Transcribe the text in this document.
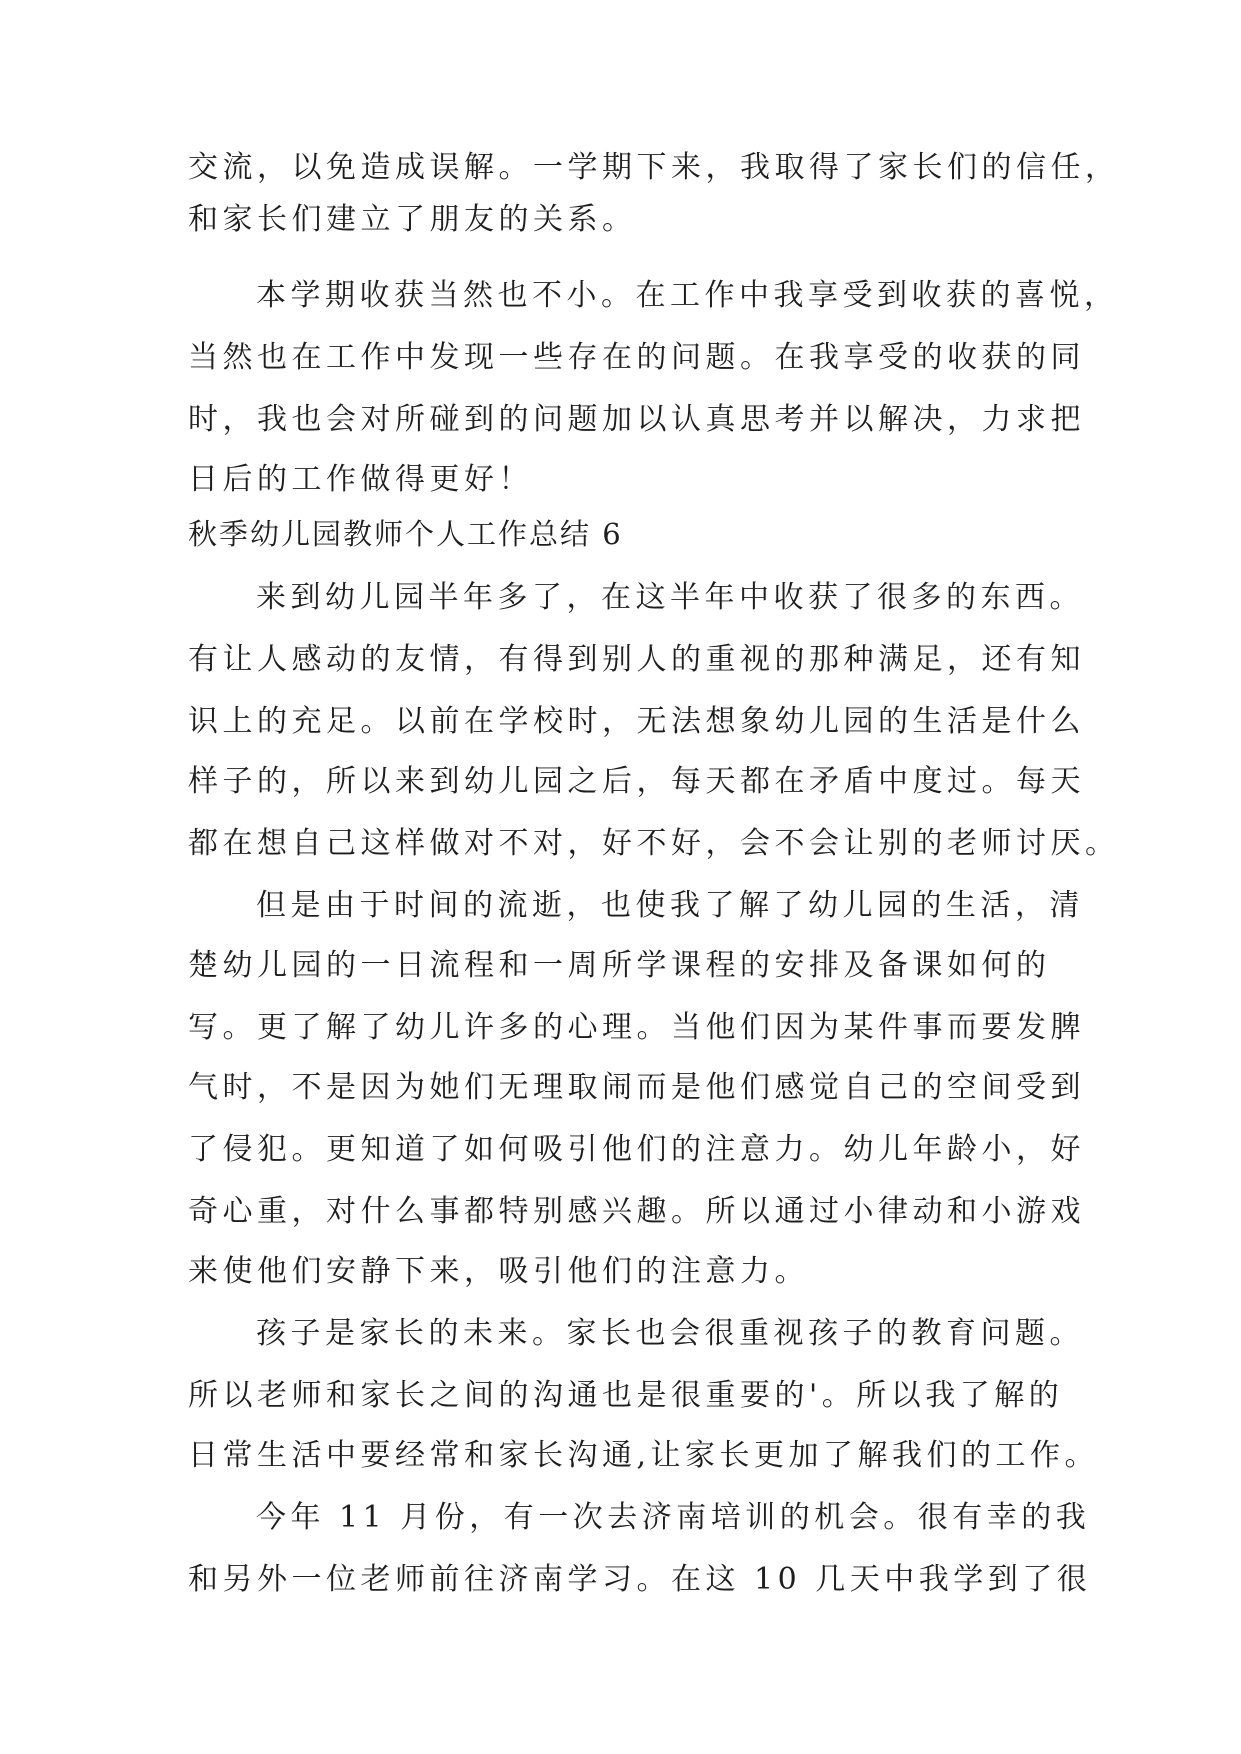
交流，以免造成误解。一学期下来，我取得了家长们的信任，
和家长们建立了朋友的关系。
本学期收获当然也不小。在工作中我享受到收获的喜悦，
当然也在工作中发现一些存在的问题。在我享受的收获的同
时，我也会对所碰到的问题加以认真思考并以解决，力求把
日后的工作做得更好！
秋季幼儿园教师个人工作总结 6
来到幼儿园半年多了，在这半年中收获了很多的东西。
有让人感动的友情，有得到别人的重视的那种满足，还有知
识上的充足。以前在学校时，无法想象幼儿园的生活是什么
样子的，所以来到幼儿园之后，每天都在矛盾中度过。每天
都在想自己这样做对不对，好不好，会不会让别的老师讨厌。
但是由于时间的流逝，也使我了解了幼儿园的生活，清
楚幼儿园的一日流程和一周所学课程的安排及备课如何的
写。更了解了幼儿许多的心理。当他们因为某件事而要发脾
气时，不是因为她们无理取闹而是他们感觉自己的空间受到
了侵犯。更知道了如何吸引他们的注意力。幼儿年龄小，好
奇心重，对什么事都特别感兴趣。所以通过小律动和小游戏
来使他们安静下来，吸引他们的注意力。
孩子是家长的未来。家长也会很重视孩子的教育问题。
所以老师和家长之间的沟通也是很重要的'。所以我了解的
日常生活中要经常和家长沟通,让家长更加了解我们的工作。
今年 11 月份，有一次去济南培训的机会。很有幸的我
和另外一位老师前往济南学习。在这 10 几天中我学到了很
